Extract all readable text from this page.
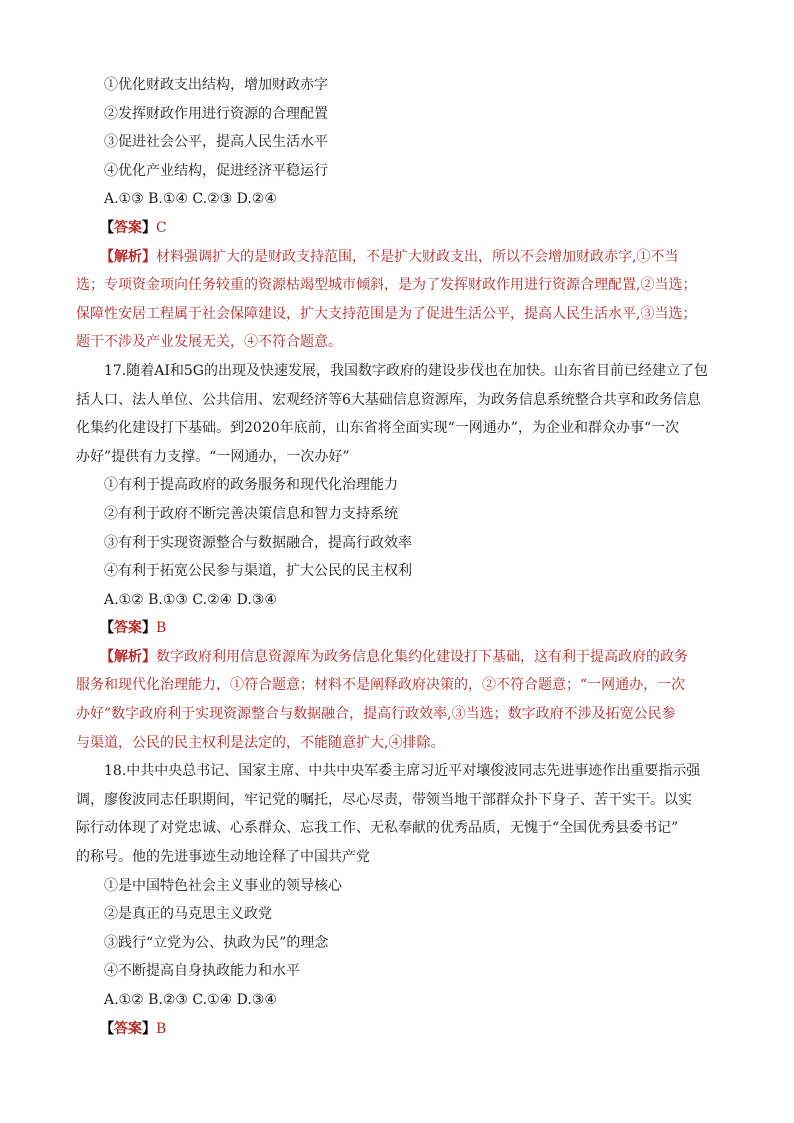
①优化财政支出结构，增加财政赤字
②发挥财政作用进行资源的合理配置
③促进社会公平，提高人民生活水平
④优化产业结构，促进经济平稳运行
A.①③ B.①④ C.②③ D.②④
【答案】C
【解析】材料强调扩大的是财政支持范围，不是扩大财政支出，所以不会增加财政赤字,①不当
选；专项资金项向任务较重的资源枯竭型城市倾斜，是为了发挥财政作用进行资源合理配置,②当选；
保障性安居工程属于社会保障建设，扩大支持范围是为了促进生活公平，提高人民生活水平,③当选；
题干不涉及产业发展无关，④不符合题意。
17.随着AI和5G的出现及快速发展，我国数字政府的建设步伐也在加快。山东省目前已经建立了包
括人口、法人单位、公共信用、宏观经济等6大基础信息资源库，为政务信息系统整合共享和政务信息
化集约化建设打下基础。到2020年底前，山东省将全面实现“一网通办”，为企业和群众办事“一次
办好”提供有力支撑。“一网通办，一次办好”
①有利于提高政府的政务服务和现代化治理能力
②有利于政府不断完善决策信息和智力支持系统
③有利于实现资源整合与数据融合，提高行政效率
④有利于拓宽公民参与渠道，扩大公民的民主权利
A.①② B.①③ C.②④ D.③④
【答案】B
【解析】数字政府利用信息资源库为政务信息化集约化建设打下基础，这有利于提高政府的政务
服务和现代化治理能力，①符合题意；材料不是阐释政府决策的，②不符合题意；“一网通办，一次
办好”数字政府利于实现资源整合与数据融合，提高行政效率,③当选；数字政府不涉及拓宽公民参
与渠道，公民的民主权利是法定的，不能随意扩大,④排除。
18.中共中央总书记、国家主席、中共中央军委主席习近平对壤俊波同志先进事迹作出重要指示强
调，廖俊波同志任职期间，牢记党的嘱托，尽心尽责，带领当地干部群众扑下身子、苦干实干。以实
际行动体现了对党忠诚、心系群众、忘我工作、无私奉献的优秀品质，无愧于“全国优秀县委书记”
的称号。他的先进事迹生动地诠释了中国共产党
①是中国特色社会主义事业的领导核心
②是真正的马克思主义政党
③践行“立党为公、执政为民”的理念
④不断提高自身执政能力和水平
A.①② B.②③ C.①④ D.③④
【答案】B
